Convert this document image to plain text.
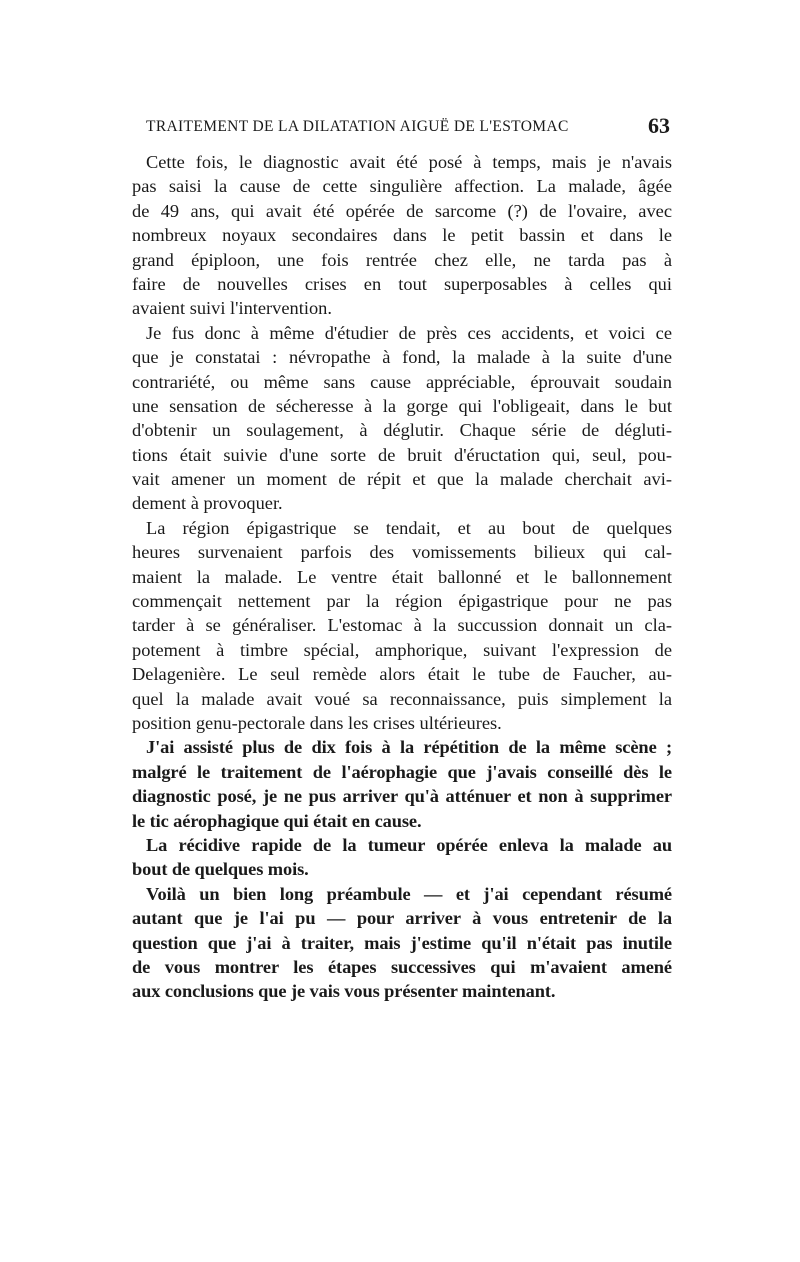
TRAITEMENT DE LA DILATATION AIGUË DE L'ESTOMAC	63
Cette fois, le diagnostic avait été posé à temps, mais je n'avais
pas saisi la cause de cette singulière affection. La malade, âgée
de 49 ans, qui avait été opérée de sarcome (?) de l'ovaire, avec
nombreux noyaux secondaires dans le petit bassin et dans le
grand épiploon, une fois rentrée chez elle, ne tarda pas à
faire de nouvelles crises en tout superposables à celles qui
avaient suivi l'intervention.
Je fus donc à même d'étudier de près ces accidents, et voici ce
que je constatai : névropathe à fond, la malade à la suite d'une
contrariété, ou même sans cause appréciable, éprouvait soudain
une sensation de sécheresse à la gorge qui l'obligeait, dans le but
d'obtenir un soulagement, à déglutir. Chaque série de dégluti-
tions était suivie d'une sorte de bruit d'éructation qui, seul, pou-
vait amener un moment de répit et que la malade cherchait avi-
dement à provoquer.
La région épigastrique se tendait, et au bout de quelques
heures survenaient parfois des vomissements bilieux qui cal-
maient la malade. Le ventre était ballonné et le ballonnement
commençait nettement par la région épigastrique pour ne pas
tarder à se généraliser. L'estomac à la succussion donnait un cla-
potement à timbre spécial, amphorique, suivant l'expression de
Delagenière. Le seul remède alors était le tube de Faucher, au-
quel la malade avait voué sa reconnaissance, puis simplement la
position genu-pectorale dans les crises ultérieures.
J'ai assisté plus de dix fois à la répétition de la même scène ;
malgré le traitement de l'aérophagie que j'avais conseillé dès le
diagnostic posé, je ne pus arriver qu'à atténuer et non à supprimer
le tic aérophagique qui était en cause.
La récidive rapide de la tumeur opérée enleva la malade au
bout de quelques mois.
Voilà un bien long préambule — et j'ai cependant résumé
autant que je l'ai pu — pour arriver à vous entretenir de la
question que j'ai à traiter, mais j'estime qu'il n'était pas inutile
de vous montrer les étapes successives qui m'avaient amené
aux conclusions que je vais vous présenter maintenant.
